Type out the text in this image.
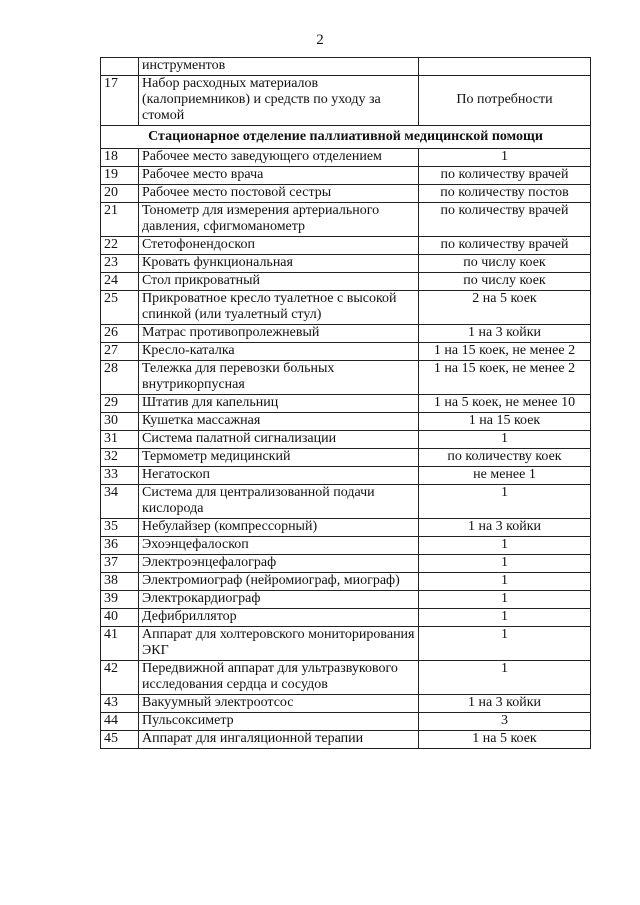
2
	инструментов	
17	Набор расходных материалов (калоприемников) и средств по уходу за стомой	По потребности
Стационарное отделение паллиативной медицинской помощи		
18	Рабочее место заведующего отделением	1
19	Рабочее место врача	по количеству врачей
20	Рабочее место постовой сестры	по количеству постов
21	Тонометр для измерения артериального давления, сфигмоманометр	по количеству врачей
22	Стетофонендоскоп	по количеству врачей
23	Кровать функциональная	по числу коек
24	Стол прикроватный	по числу коек
25	Прикроватное кресло туалетное с высокой спинкой (или туалетный стул)	2 на 5 коек
26	Матрас противопролежневый	1 на 3 койки
27	Кресло-каталка	1 на 15 коек, не менее 2
28	Тележка для перевозки больных внутрикорпусная	1 на 15 коек, не менее 2
29	Штатив для капельниц	1 на 5 коек, не менее 10
30	Кушетка массажная	1 на 15 коек
31	Система палатной сигнализации	1
32	Термометр медицинский	по количеству коек
33	Негатоскоп	не менее 1
34	Система для централизованной подачи кислорода	1
35	Небулайзер (компрессорный)	1 на 3 койки
36	Эхоэнцефалоскоп	1
37	Электроэнцефалограф	1
38	Электромиограф (нейромиограф, миограф)	1
39	Электрокардиограф	1
40	Дефибриллятор	1
41	Аппарат для холтеровского мониторирования ЭКГ	1
42	Передвижной аппарат для ультразвукового исследования сердца и сосудов	1
43	Вакуумный электроотсос	1 на 3 койки
44	Пульсоксиметр	3
45	Аппарат для ингаляционной терапии	1 на 5 коек
